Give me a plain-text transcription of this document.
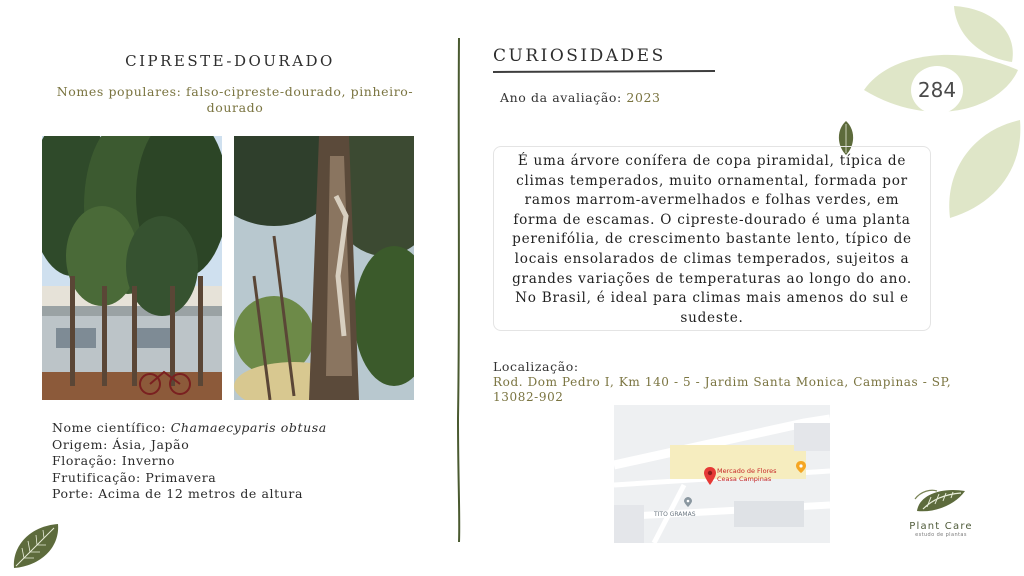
284
CIPRESTE-DOURADO
Nomes populares: falso-cipreste-dourado, pinheiro-dourado
Nome científico: Chamaecyparis obtusa
Origem: Ásia, Japão
Floração: Inverno
Frutificação: Primavera
Porte: Acima de 12 metros de altura
CURIOSIDADES
Ano da avaliação: 2023
É uma árvore conífera de copa piramidal, típica de climas temperados, muito ornamental, formada por ramos marrom-avermelhados e folhas verdes, em forma de escamas. O cipreste-dourado é uma planta perenifólia, de crescimento bastante lento, típico de locais ensolarados de climas temperados, sujeitos a grandes variações de temperaturas ao longo do ano. No Brasil, é ideal para climas mais amenos do sul e sudeste.
Localização:
Rod. Dom Pedro I, Km 140 - 5 - Jardim Santa Monica, Campinas - SP, 13082-902
Mercado de Flores
Ceasa Campinas
TITO GRAMAS
Plant Care
estudo de plantas
